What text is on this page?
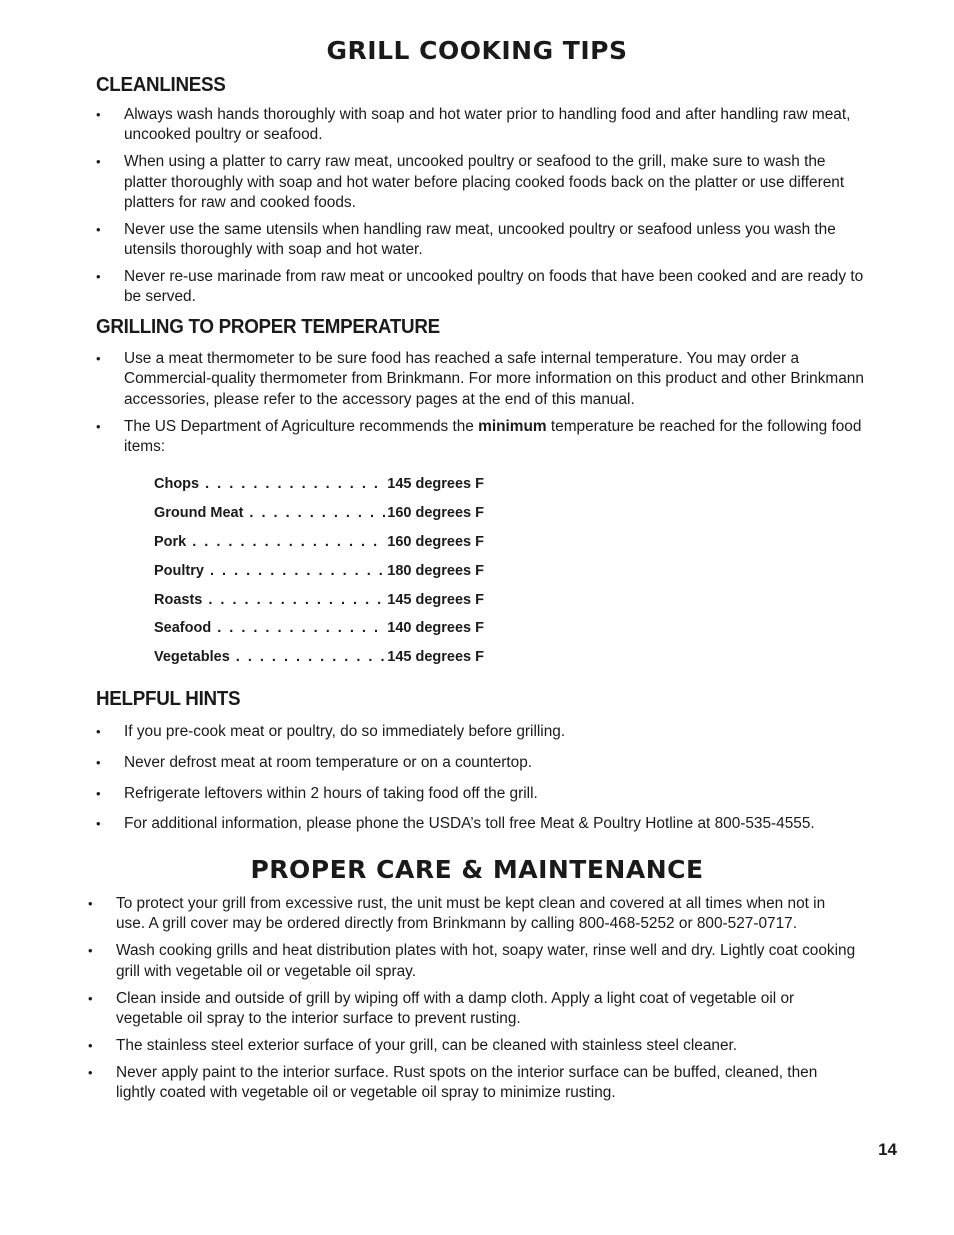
GRILL COOKING TIPS
CLEANLINESS
• Always wash hands thoroughly with soap and hot water prior to handling food and after handling raw meat, uncooked poultry or seafood.
• When using a platter to carry raw meat, uncooked poultry or seafood to the grill, make sure to wash the platter thoroughly with soap and hot water before placing cooked foods back on the platter or use different platters for raw and cooked foods.
• Never use the same utensils when handling raw meat, uncooked poultry or seafood unless you wash the utensils thoroughly with soap and hot water.
• Never re-use marinade from raw meat or uncooked poultry on foods that have been cooked and are ready to be served.
GRILLING TO PROPER TEMPERATURE
• Use a meat thermometer to be sure food has reached a safe internal temperature. You may order a Commercial-quality thermometer from Brinkmann. For more information on this product and other Brinkmann accessories, please refer to the accessory pages at the end of this manual.
• The US Department of Agriculture recommends the minimum temperature be reached for the following food items:
Chops . . .	145 degrees F
Ground Meat . . .	160 degrees F
Pork . . .	160 degrees F
Poultry . . .	180 degrees F
Roasts . . .	145 degrees F
Seafood . . .	140 degrees F
Vegetables . . .	145 degrees F
HELPFUL HINTS
• If you pre-cook meat or poultry, do so immediately before grilling.
• Never defrost meat at room temperature or on a countertop.
• Refrigerate leftovers within 2 hours of taking food off the grill.
• For additional information, please phone the USDA’s toll free Meat & Poultry Hotline at 800-535-4555.
PROPER CARE & MAINTENANCE
• To protect your grill from excessive rust, the unit must be kept clean and covered at all times when not in use. A grill cover may be ordered directly from Brinkmann by calling 800-468-5252 or 800-527-0717.
• Wash cooking grills and heat distribution plates with hot, soapy water, rinse well and dry. Lightly coat cooking grill with vegetable oil or vegetable oil spray.
• Clean inside and outside of grill by wiping off with a damp cloth. Apply a light coat of vegetable oil or vegetable oil spray to the interior surface to prevent rusting.
• The stainless steel exterior surface of your grill, can be cleaned with stainless steel cleaner.
• Never apply paint to the interior surface. Rust spots on the interior surface can be buffed, cleaned, then lightly coated with vegetable oil or vegetable oil spray to minimize rusting.
14
